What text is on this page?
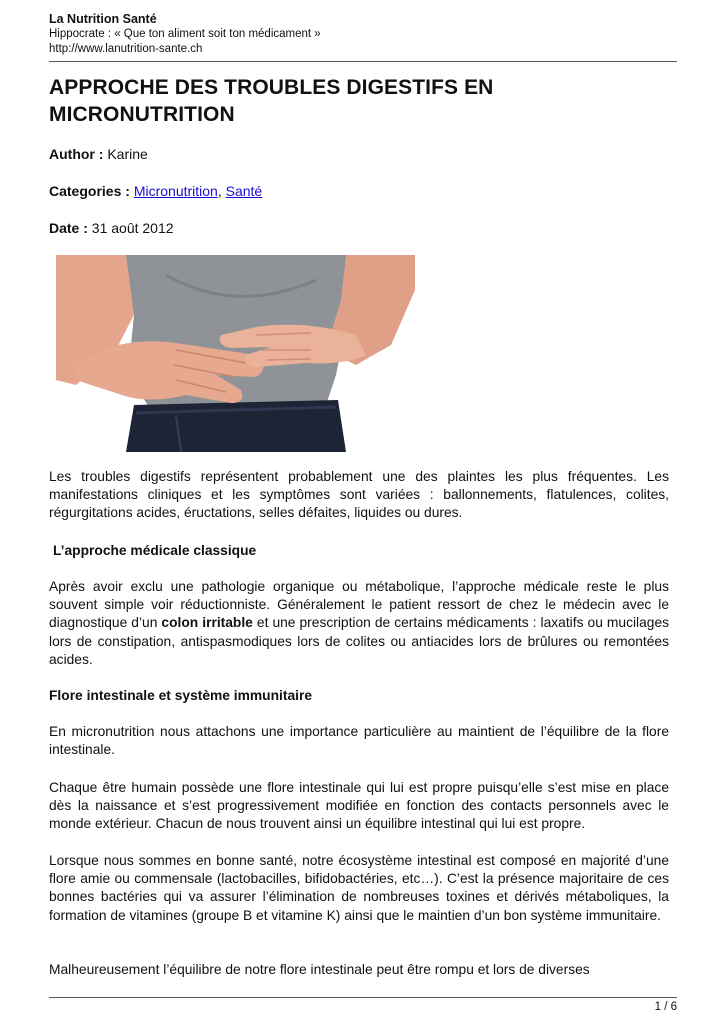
La Nutrition Santé
Hippocrate : « Que ton aliment soit ton médicament »
http://www.lanutrition-sante.ch
APPROCHE DES TROUBLES DIGESTIFS EN MICRONUTRITION
Author : Karine
Categories : Micronutrition, Santé
Date : 31 août 2012

Les troubles digestifs représentent probablement une des plaintes les plus fréquentes. Les manifestations cliniques et les symptômes sont variées : ballonnements, flatulences, colites, régurgitations acides, éructations, selles défaites, liquides ou dures.

L’approche médicale classique

Après avoir exclu une pathologie organique ou métabolique, l’approche médicale reste le plus souvent simple voir réductionniste. Généralement le patient ressort de chez le médecin avec le diagnostique d’un colon irritable et une prescription de certains médicaments : laxatifs ou mucilages lors de constipation, antispasmodiques lors de colites ou antiacides lors de brûlures ou remontées acides.

Flore intestinale et système immunitaire

En micronutrition nous attachons une importance particulière au maintient de l’équilibre de la flore intestinale.

Chaque être humain possède une flore intestinale qui lui est propre puisqu’elle s’est mise en place dès la naissance et s’est progressivement modifiée en fonction des contacts personnels avec le monde extérieur. Chacun de nous trouvent ainsi un équilibre intestinal qui lui est propre.

Lorsque nous sommes en bonne santé, notre écosystème intestinal est composé en majorité d’une flore amie ou commensale (lactobacilles, bifidobactéries, etc…). C’est la présence majoritaire de ces bonnes bactéries qui va assurer l’élimination de nombreuses toxines et dérivés métaboliques, la formation de vitamines (groupe B et vitamine K) ainsi que le maintien d’un bon système immunitaire.

Malheureusement l’équilibre de notre flore intestinale peut être rompu et lors de diverses

1 / 6
